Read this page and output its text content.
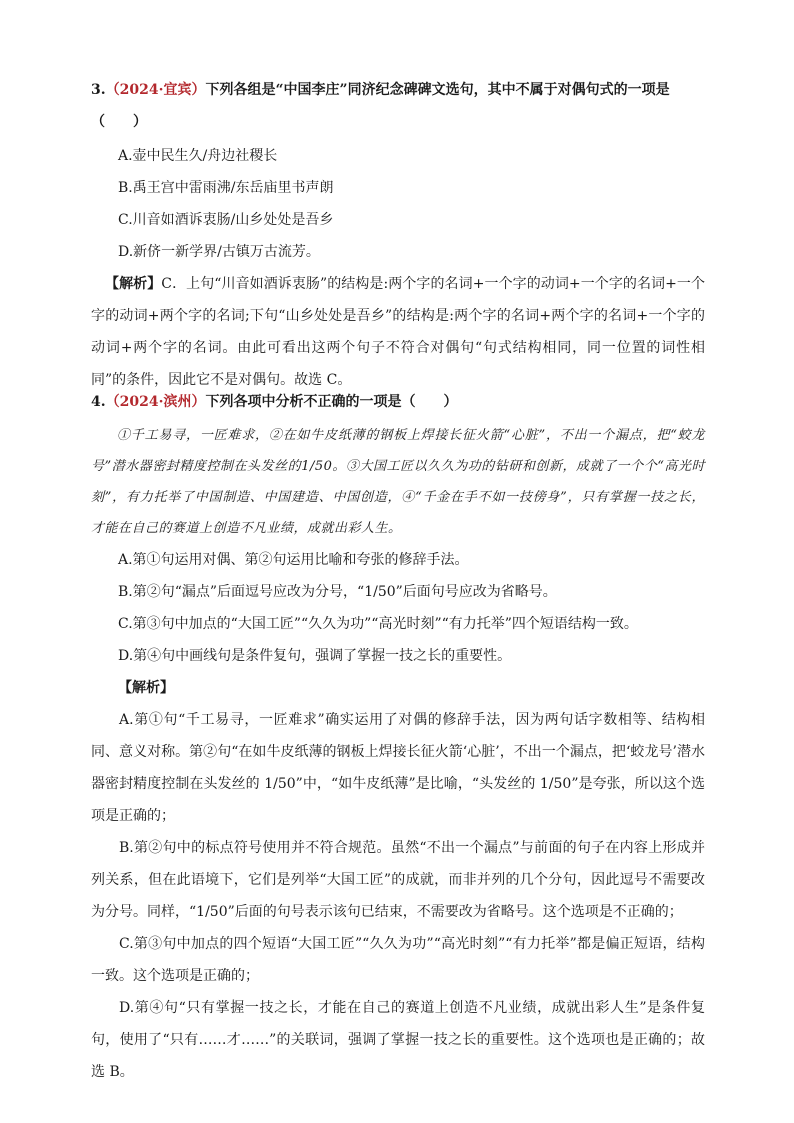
3.（2024·宜宾）下列各组是“中国李庄”同济纪念碑碑文选句，其中不属于对偶句式的一项是
（　　）
A.壶中民生久/舟边社稷长
B.禹王宫中雷雨沸/东岳庙里书声朗
C.川音如酒诉衷肠/山乡处处是吾乡
D.新侪一新学界/古镇万古流芳。
【解析】C．上句“川音如酒诉衷肠”的结构是:两个字的名词+一个字的动词+一个字的名词+一个字的动词+两个字的名词;下句“山乡处处是吾乡”的结构是:两个字的名词+两个字的名词+一个字的动词+两个字的名词。由此可看出这两个句子不符合对偶句“句式结构相同，同一位置的词性相同”的条件，因此它不是对偶句。故选 C。
4.（2024·滨州）下列各项中分析不正确的一项是（　　）
①千工易寻，一匠难求，②在如牛皮纸薄的钢板上焊接长征火箭“心脏”，不出一个漏点，把“蛟龙号”潜水器密封精度控制在头发丝的1/50。③大国工匠以久久为功的钻研和创新，成就了一个个“高光时刻”，有力托举了中国制造、中国建造、中国创造，④“千金在手不如一技傍身”，只有掌握一技之长，才能在自己的赛道上创造不凡业绩，成就出彩人生。
A.第①句运用对偶、第②句运用比喻和夸张的修辞手法。
B.第②句“漏点”后面逗号应改为分号，“1/50”后面句号应改为省略号。
C.第③句中加点的“大国工匠”“久久为功”“高光时刻”“有力托举”四个短语结构一致。
D.第④句中画线句是条件复句，强调了掌握一技之长的重要性。
【解析】
A.第①句“千工易寻，一匠难求”确实运用了对偶的修辞手法，因为两句话字数相等、结构相同、意义对称。第②句“在如牛皮纸薄的钢板上焊接长征火箭‘心脏’，不出一个漏点，把‘蛟龙号’潜水器密封精度控制在头发丝的 1/50”中，“如牛皮纸薄”是比喻，“头发丝的 1/50”是夸张，所以这个选项是正确的；
B.第②句中的标点符号使用并不符合规范。虽然“不出一个漏点”与前面的句子在内容上形成并列关系，但在此语境下，它们是列举“大国工匠”的成就，而非并列的几个分句，因此逗号不需要改为分号。同样，“1/50”后面的句号表示该句已结束，不需要改为省略号。这个选项是不正确的；
C.第③句中加点的四个短语“大国工匠”“久久为功”“高光时刻”“有力托举”都是偏正短语，结构一致。这个选项是正确的；
D.第④句“只有掌握一技之长，才能在自己的赛道上创造不凡业绩，成就出彩人生”是条件复句，使用了“只有……才……”的关联词，强调了掌握一技之长的重要性。这个选项也是正确的；故选 B。
